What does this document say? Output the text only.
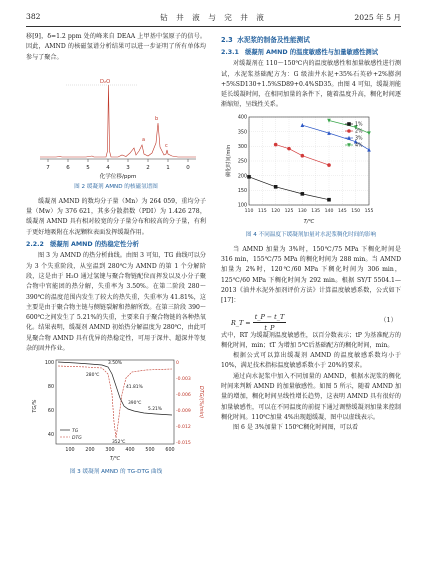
382	钻 井 液 与 完 井 液	2025 年 5 月

移[9]，δ=1.2 ppm 处的峰来自 DEAA 上甲基中氢原子的信号。因此，AMND 的核磁氢谱分析结果可以进一步证明了所有单体均参与了聚合。

7	6	5	4	3	2	1	0
化学位移/ppm
D₂O
a
b
c
图 2 缓凝剂 AMND 的核磁氢谱图

缓凝剂 AMND 的数均分子量（Mn）为 264 059，重均分子量（Mw）为 376 621，其多分散指数（PDI）为 1.426 278，缓凝剂 AMND 具有相对较宽的分子量分布和较高的分子量，有利于更好地吸附在水泥颗粒表面发挥缓凝作用。

2.2.2 缓凝剂 AMND 的热稳定性分析

图 3 为 AMND 的热分析曲线。由图 3 可知，TG 曲线可以分为 3 个失重阶段，从室温到 280℃为 AMND 的第 1 个分解阶段，这是由于 H₂O 通过氢键与聚合物链配位而挥发以及小分子聚合物中官能团的热分解，失重率为 3.50%。在第二阶段 280～390℃的温度范围内发生了较大的热失重，失重率为 41.81%，这主要是由于聚合物主链与侧链裂解和热解所致。在第三阶段 390～600℃之间发生了 5.21%的失重，主要来自于聚合物链的各种热氧化。结果表明，缓凝剂 AMND 初始热分解温度为 280℃，由此可见聚合物 AMND 具有优异的热稳定性，可用于深井、超深井等复杂的固井作业。

100
80
60
40
0
-0.003
-0.006
-0.009
-0.012
-0.015
100 200 300 400 500 600
T/℃
TG/%	DTG/(%/min)
280℃
3.50%
41.81%
390℃
5.21%
352℃
TG
DTG
图 3 缓凝剂 AMND 的 TG-DTG 曲线
2.3 水泥浆的制备及性能测试
2.3.1 缓凝剂 AMND 的温度敏感性与加量敏感性测试

对缓凝剂在 110～150℃内的温度敏感性和加量敏感性进行测试，水泥浆基础配方为：G 级油井水泥+35%石英砂+2%膨润+5%SD130+1.5%SD89+0.4%SD35。由图 4 可知，缓凝剂能延长缓凝时间，在相同加量的条件下，随着温度升高，稠化时间逐渐缩短，呈线性关系。

100
150
200
250
300
350
400
110 115 120 125 130 135 140 145 150 155
稠化时间/min
T/℃
1%
2%
3%
4%
图 4 不同温度下缓凝剂加量对水泥浆稠化时间的影响

当 AMND 加量为 3%时，150℃/75 MPa 下稠化时间是 316 min，155℃/75 MPa 的稠化时间为 288 min。当 AMND 加量为 2%时，120℃/60 MPa 下稠化时间为 306 min，125℃/60 MPa 下稠化时间为 292 min。根据 SY/T 5504.1—2013《油井水泥外加剂评价方法》计算温度敏感系数，公式如下[17]：

R_T = $\frac{t\_P - t\_T}{t\_P}$	（1）

式中，RT 为缓凝剂温度敏感性，以百分数表示；tP 为基准配方的稠化时间，min；tT 为增加 5℃后基础配方的稠化时间，min。

根据公式可以算出缓凝剂 AMND 的温度敏感系数均小于 10%，满足技术指标温度敏感系数小于 20%的要求。

通过向水泥浆中加入不同加量的 AMND，根据水泥浆的稠化时间来判断 AMND 的加量敏感性。如图 5 所示，随着 AMND 加量的增加，稠化时间呈线性增长趋势，这表明 AMND 具有很好的加量敏感性，可以在不同温度的前提下通过调整缓凝剂加量来控制稠化时间。110℃加量 4%出现超缓凝，图中以虚线表示。

图 6 是 3%加量下 150℃稠化时间图，可以看
